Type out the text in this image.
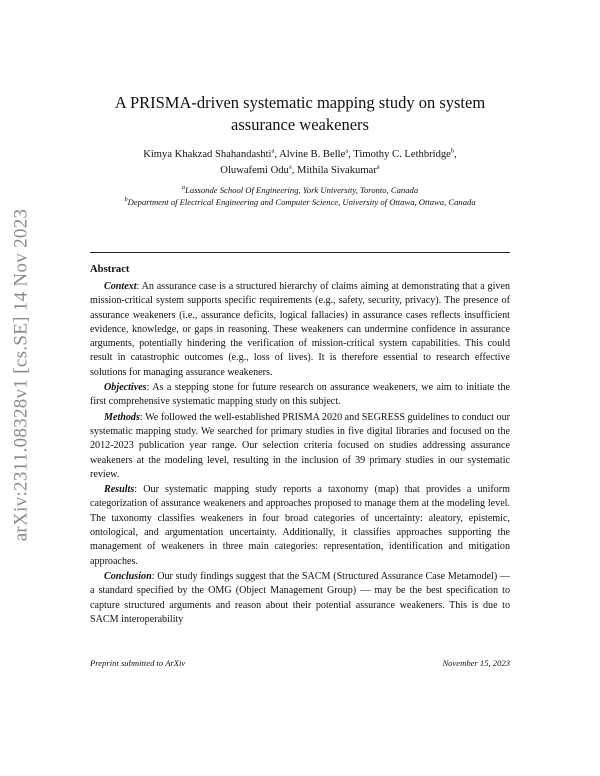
arXiv:2311.08328v1 [cs.SE] 14 Nov 2023
A PRISMA-driven systematic mapping study on system
assurance weakeners
Kimya Khakzad Shahandashti$^a$, Alvine B. Belle$^a$, Timothy C. Lethbridge$^b$,
Oluwafemi Odu$^a$, Mithila Sivakumar$^a$
$^a$Lassonde School Of Engineering, York University, Toronto, Canada
$^b$Department of Electrical Engineering and Computer Science, University of Ottawa, Ottawa, Canada
Abstract

Context: An assurance case is a structured hierarchy of claims aiming at demonstrating that a given mission-critical system supports specific requirements (e.g., safety, security, privacy). The presence of assurance weakeners (i.e., assurance deficits, logical fallacies) in assurance cases reflects insufficient evidence, knowledge, or gaps in reasoning. These weakeners can undermine confidence in assurance arguments, potentially hindering the verification of mission-critical system capabilities. This could result in catastrophic outcomes (e.g., loss of lives). It is therefore essential to research effective solutions for managing assurance weakeners.

Objectives: As a stepping stone for future research on assurance weakeners, we aim to initiate the first comprehensive systematic mapping study on this subject.

Methods: We followed the well-established PRISMA 2020 and SEGRESS guidelines to conduct our systematic mapping study. We searched for primary studies in five digital libraries and focused on the 2012-2023 publication year range. Our selection criteria focused on studies addressing assurance weakeners at the modeling level, resulting in the inclusion of 39 primary studies in our systematic review.

Results: Our systematic mapping study reports a taxonomy (map) that provides a uniform categorization of assurance weakeners and approaches proposed to manage them at the modeling level. The taxonomy classifies weakeners in four broad categories of uncertainty: aleatory, epistemic, ontological, and argumentation uncertainty. Additionally, it classifies approaches supporting the management of weakeners in three main categories: representation, identification and mitigation approaches.

Conclusion: Our study findings suggest that the SACM (Structured Assurance Case Metamodel) —a standard specified by the OMG (Object Management Group) — may be the best specification to capture structured arguments and reason about their potential assurance weakeners. This is due to SACM interoperability

Preprint submitted to ArXiv	November 15, 2023
